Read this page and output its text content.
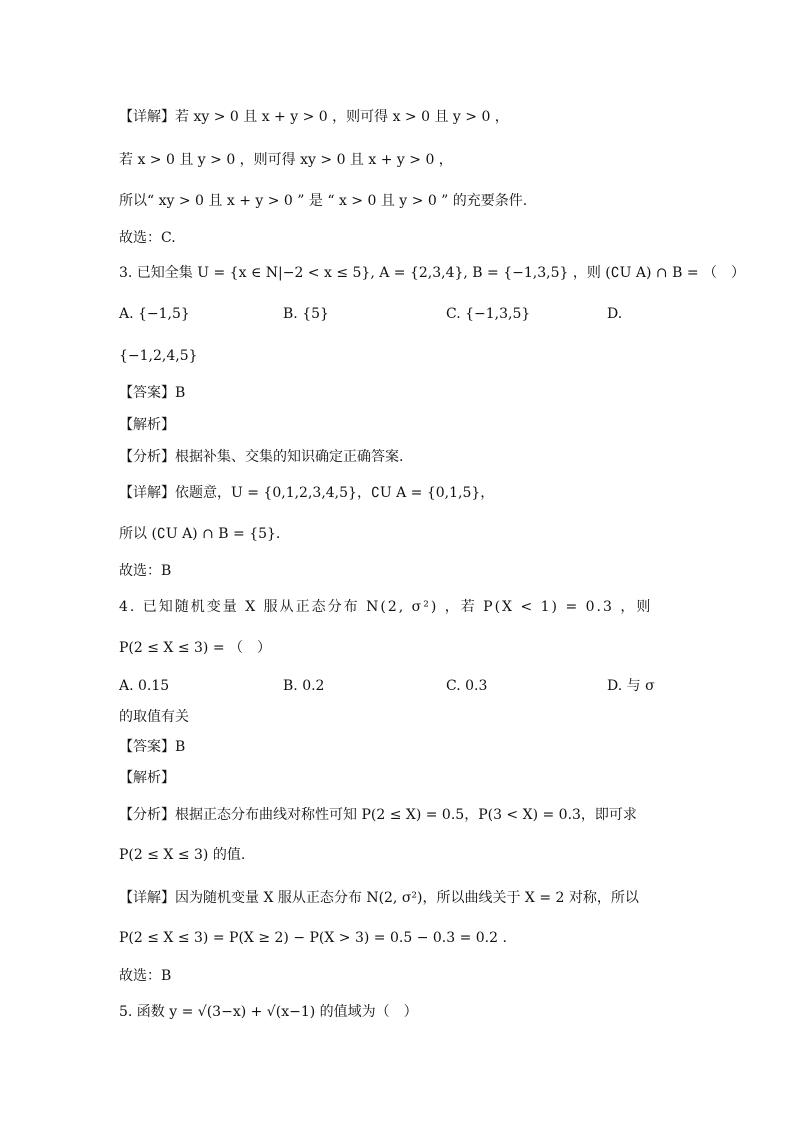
【详解】若 xy > 0 且 x + y > 0 ，则可得 x > 0 且 y > 0 ，
若 x > 0 且 y > 0 ，则可得 xy > 0 且 x + y > 0 ，
所以“ xy > 0 且 x + y > 0 ” 是 “ x > 0 且 y > 0 ” 的充要条件.
故选：C.
3. 已知全集 U = {x ∈ N|−2 < x ≤ 5}, A = {2,3,4}, B = {−1,3,5} ，则 (∁U A) ∩ B = （　）
A. {−1,5}	B. {5}	C. {−1,3,5}	D.
{−1,2,4,5}
【答案】B
【解析】
【分析】根据补集、交集的知识确定正确答案.
【详解】依题意，U = {0,1,2,3,4,5}，∁U A = {0,1,5}，
所以 (∁U A) ∩ B = {5}.
故选：B
4. 已知随机变量 X 服从正态分布 N(2, σ²) ，若 P(X < 1) = 0.3 ，则
P(2 ≤ X ≤ 3) = （　）
A. 0.15	B. 0.2	C. 0.3	D. 与 σ
的取值有关
【答案】B
【解析】
【分析】根据正态分布曲线对称性可知 P(2 ≤ X) = 0.5，P(3 < X) = 0.3，即可求
P(2 ≤ X ≤ 3) 的值.
【详解】因为随机变量 X 服从正态分布 N(2, σ²)，所以曲线关于 X = 2 对称，所以
P(2 ≤ X ≤ 3) = P(X ≥ 2) − P(X > 3) = 0.5 − 0.3 = 0.2 .
故选：B
5. 函数 y = √(3−x) + √(x−1) 的值域为（　）
